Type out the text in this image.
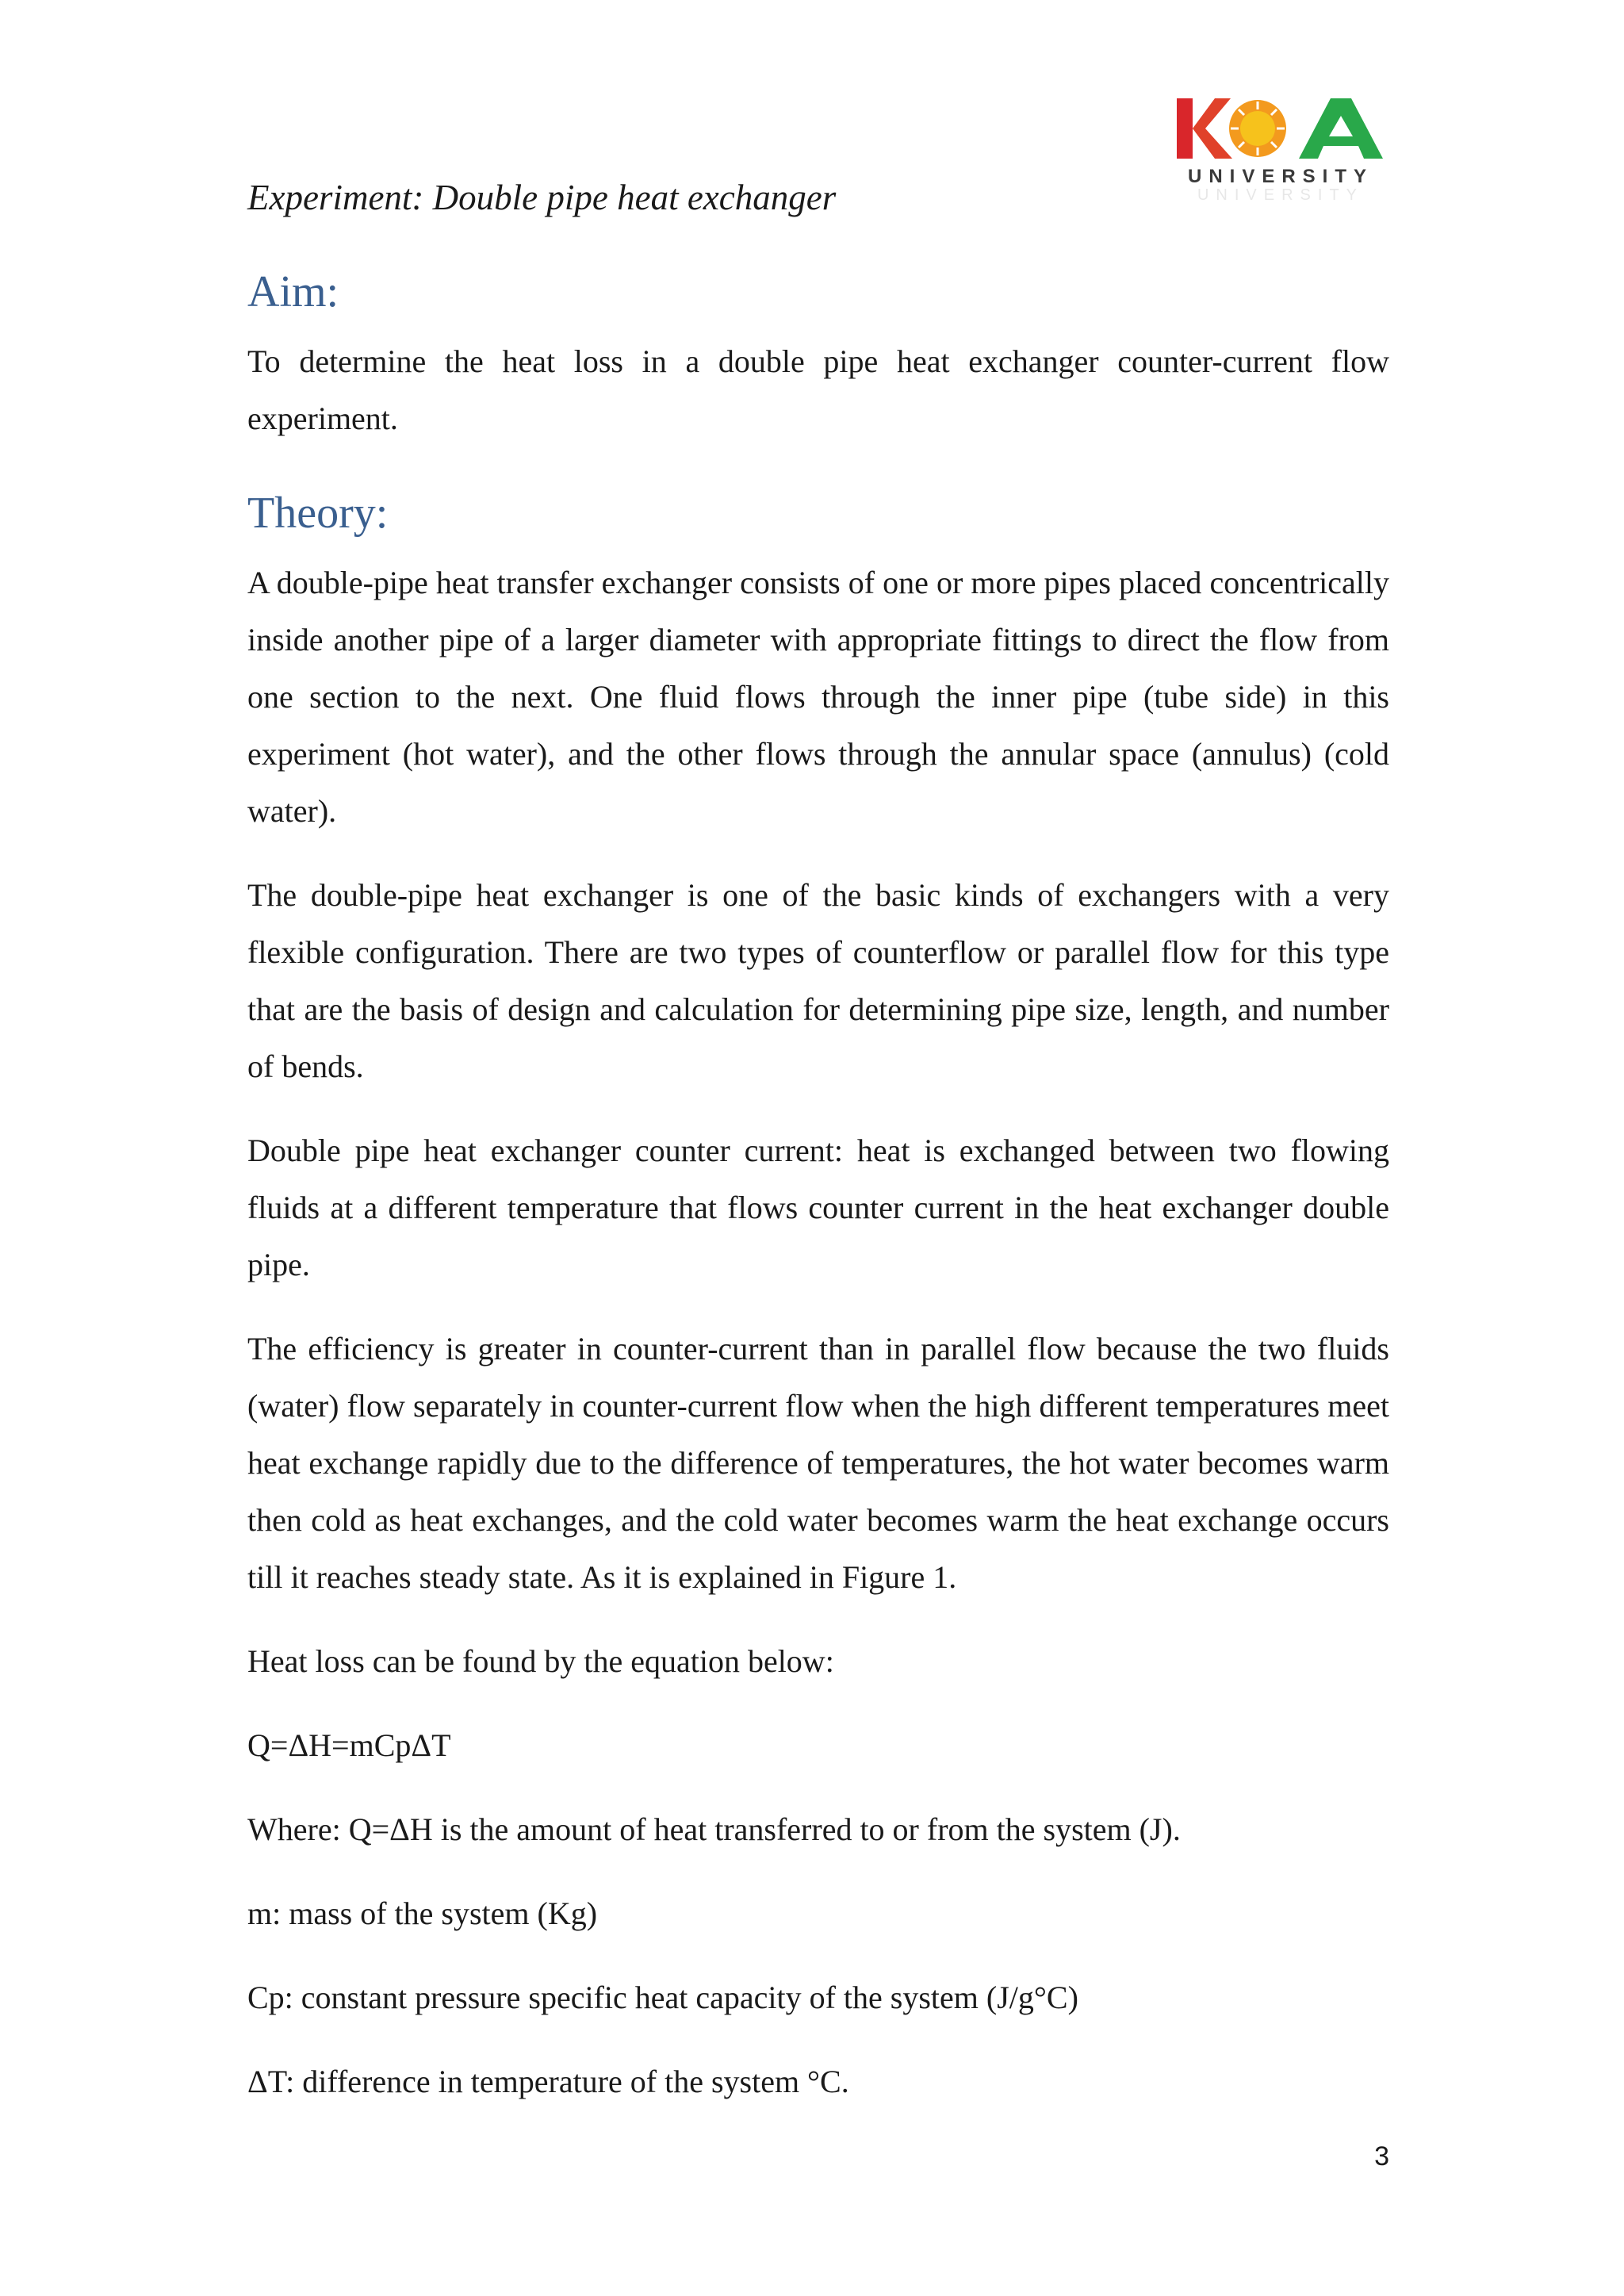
UNIVERSITY
UNIVERSITY

Experiment: Double pipe heat exchanger

Aim:

To determine the heat loss in a double pipe heat exchanger counter-current flow experiment.

Theory:

A double-pipe heat transfer exchanger consists of one or more pipes placed concentrically inside another pipe of a larger diameter with appropriate fittings to direct the flow from one section to the next. One fluid flows through the inner pipe (tube side) in this experiment (hot water), and the other flows through the annular space (annulus) (cold water).

The double-pipe heat exchanger is one of the basic kinds of exchangers with a very flexible configuration. There are two types of counterflow or parallel flow for this type that are the basis of design and calculation for determining pipe size, length, and number of bends.

Double pipe heat exchanger counter current: heat is exchanged between two flowing fluids at a different temperature that flows counter current in the heat exchanger double pipe.

The efficiency is greater in counter-current than in parallel flow because the two fluids (water) flow separately in counter-current flow when the high different temperatures meet heat exchange rapidly due to the difference of temperatures, the hot water becomes warm then cold as heat exchanges, and the cold water becomes warm the heat exchange occurs till it reaches steady state. As it is explained in Figure 1.

Heat loss can be found by the equation below:

Q=ΔH=mCpΔT

Where: Q=ΔH is the amount of heat transferred to or from the system (J).

m: mass of the system (Kg)

Cp: constant pressure specific heat capacity of the system (J/g°C)

ΔT: difference in temperature of the system °C.

3
